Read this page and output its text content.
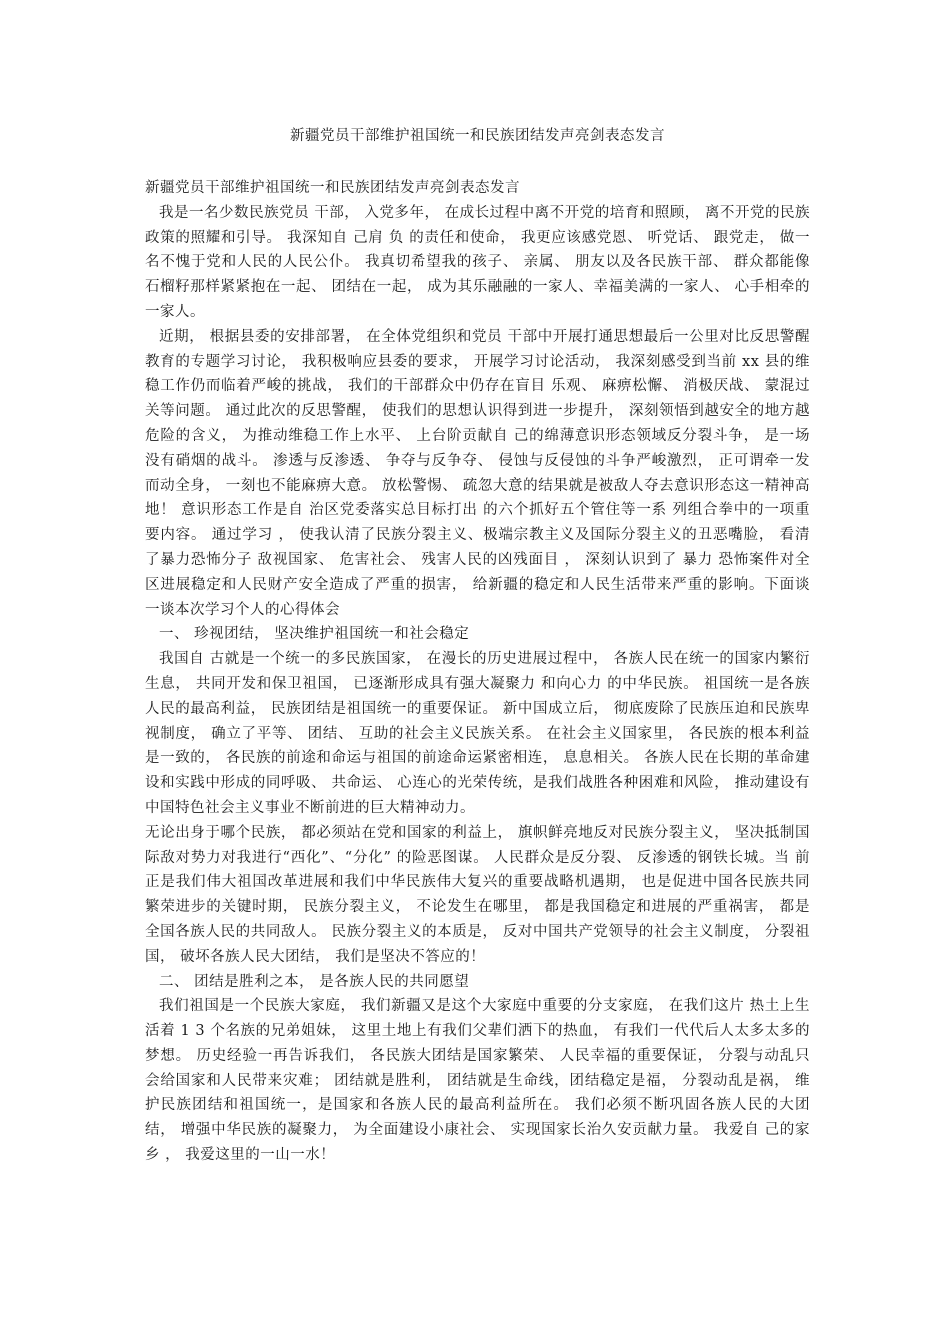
新疆党员干部维护祖国统一和民族团结发声亮剑表态发言

新疆党员干部维护祖国统一和民族团结发声亮剑表态发言

我是一名少数民族党员 干部， 入党多年， 在成长过程中离不开党的培育和照顾， 离不开党的民族政策的照耀和引导。 我深知自 己肩 负 的责任和使命， 我更应该感党恩、 听党话、 跟党走， 做一名不愧于党和人民的人民公仆。 我真切希望我的孩子、 亲属、 朋友以及各民族干部、 群众都能像石榴籽那样紧紧抱在一起、 团结在一起， 成为其乐融融的一家人、幸福美满的一家人、 心手相牵的一家人。

近期， 根据县委的安排部署， 在全体党组织和党员 干部中开展打通思想最后一公里对比反思警醒教育的专题学习讨论， 我积极响应县委的要求， 开展学习讨论活动， 我深刻感受到当前 xx 县的维稳工作仍而临着严峻的挑战， 我们的干部群众中仍存在盲目 乐观、 麻痹松懈、 消极厌战、 蒙混过关等问题。 通过此次的反思警醒， 使我们的思想认识得到进一步提升， 深刻领悟到越安全的地方越危险的含义， 为推动维稳工作上水平、 上台阶贡献自 己的绵薄意识形态领域反分裂斗争， 是一场没有硝烟的战斗。 渗透与反渗透、 争夺与反争夺、 侵蚀与反侵蚀的斗争严峻激烈， 正可谓牵一发而动全身， 一刻也不能麻痹大意。 放松警惕、 疏忽大意的结果就是被敌人夺去意识形态这一精神高地！ 意识形态工作是自 治区党委落实总目标打出 的六个抓好五个管住等一系 列组合拳中的一项重要内容。 通过学习 ， 使我认清了民族分裂主义、极端宗教主义及国际分裂主义的丑恶嘴脸， 看清了暴力恐怖分子 敌视国家、 危害社会、 残害人民的凶残面目 ， 深刻认识到了 暴力 恐怖案件对全 区进展稳定和人民财产安全造成了严重的损害， 给新疆的稳定和人民生活带来严重的影响。下面谈一谈本次学习个人的心得体会

一、 珍视团结， 坚决维护祖国统一和社会稳定

我国自 古就是一个统一的多民族国家， 在漫长的历史进展过程中， 各族人民在统一的国家内繁衍生息， 共同开发和保卫祖国， 已逐渐形成具有强大凝聚力 和向心力 的中华民族。 祖国统一是各族人民的最高利益， 民族团结是祖国统一的重要保证。 新中国成立后， 彻底废除了民族压迫和民族卑视制度， 确立了平等、 团结、 互助的社会主义民族关系。 在社会主义国家里， 各民族的根本利益是一致的， 各民族的前途和命运与祖国的前途命运紧密相连， 息息相关。 各族人民在长期的革命建设和实践中形成的同呼吸、 共命运、 心连心的光荣传统，是我们战胜各种困难和风险， 推动建设有中国特色社会主义事业不断前进的巨大精神动力。

无论出身于哪个民族， 都必须站在党和国家的利益上， 旗帜鲜亮地反对民族分裂主义， 坚决抵制国际敌对势力对我进行“西化”、“分化” 的险恶图谋。 人民群众是反分裂、 反渗透的钢铁长城。当 前正是我们伟大祖国改革进展和我们中华民族伟大复兴的重要战略机遇期， 也是促进中国各民族共同繁荣进步的关键时期， 民族分裂主义， 不论发生在哪里， 都是我国稳定和进展的严重祸害， 都是全国各族人民的共同敌人。 民族分裂主义的本质是， 反对中国共产党领导的社会主义制度， 分裂祖国， 破坏各族人民大团结， 我们是坚决不答应的！

二、 团结是胜利之本， 是各族人民的共同愿望

我们祖国是一个民族大家庭， 我们新疆又是这个大家庭中重要的分支家庭， 在我们这片 热土上生活着 1 3 个名族的兄弟姐妹， 这里土地上有我们父辈们洒下的热血， 有我们一代代后人太多太多的梦想。 历史经验一再告诉我们， 各民族大团结是国家繁荣、 人民幸福的重要保证， 分裂与动乱只会给国家和人民带来灾难； 团结就是胜利， 团结就是生命线，团结稳定是福， 分裂动乱是祸， 维护民族团结和祖国统一，是国家和各族人民的最高利益所在。 我们必须不断巩固各族人民的大团结， 增强中华民族的凝聚力， 为全面建设小康社会、 实现国家长治久安贡献力量。 我爱自 己的家乡 ， 我爱这里的一山一水！
